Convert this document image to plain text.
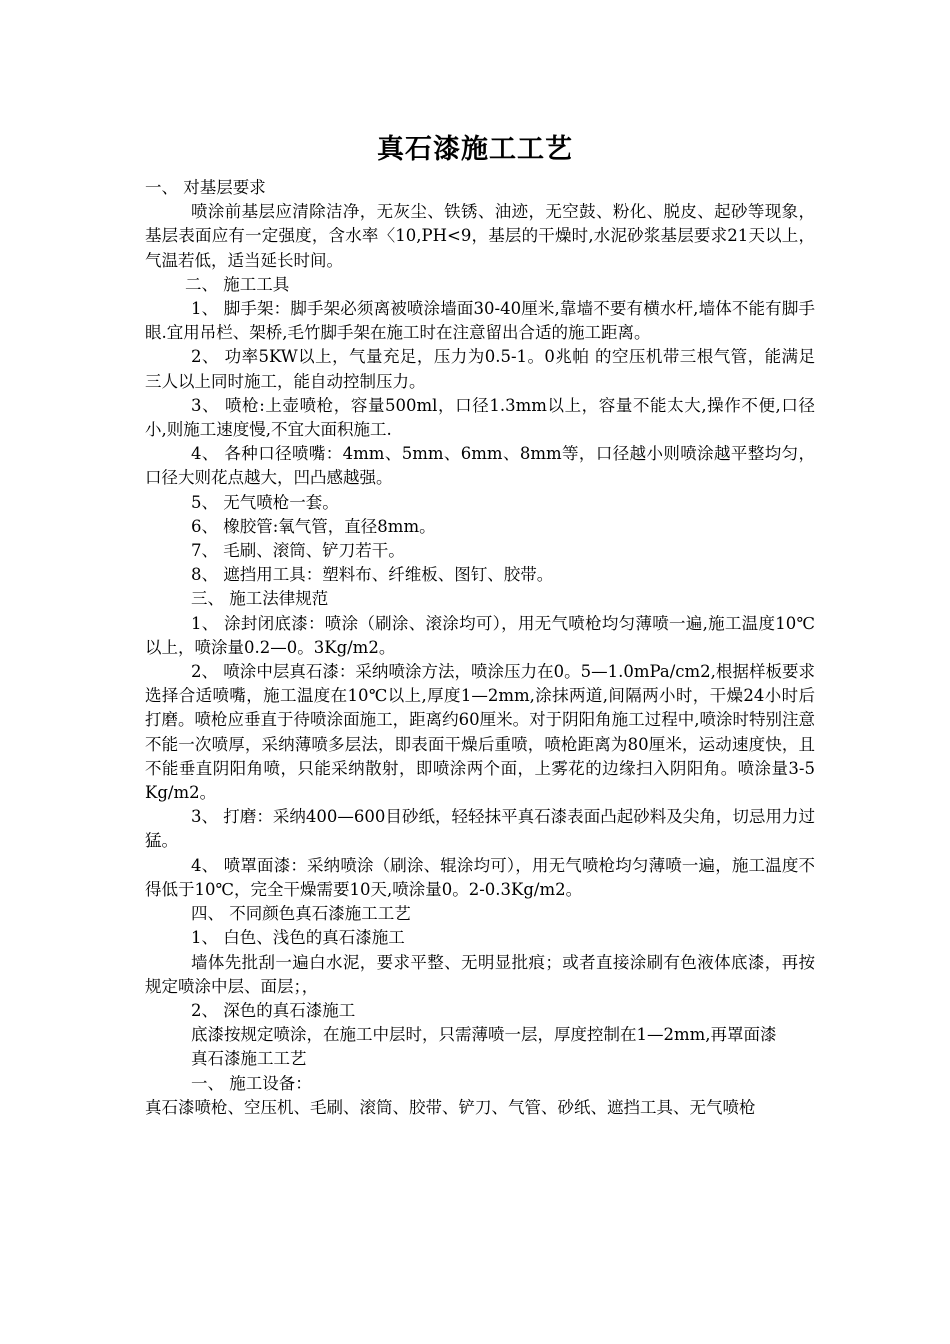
真石漆施工工艺

一、 对基层要求

喷涂前基层应清除洁净，无灰尘、铁锈、油迹，无空鼓、粉化、脱皮、起砂等现象，基层表面应有一定强度，含水率〈10,PH<9，基层的干燥时,水泥砂浆基层要求21天以上，气温若低，适当延长时间。

二、 施工工具

1、 脚手架：脚手架必须离被喷涂墙面30-40厘米,靠墙不要有横水杆,墙体不能有脚手眼.宜用吊栏、架桥,毛竹脚手架在施工时在注意留出合适的施工距离。

2、 功率5KW以上，气量充足，压力为0.5-1。0兆帕 的空压机带三根气管，能满足三人以上同时施工，能自动控制压力。

3、 喷枪:上壶喷枪，容量500ml，口径1.3mm以上，容量不能太大,操作不便,口径小,则施工速度慢,不宜大面积施工.

4、 各种口径喷嘴：4mm、5mm、6mm、8mm等，口径越小则喷涂越平整均匀，口径大则花点越大，凹凸感越强。

5、 无气喷枪一套。

6、 橡胶管:氧气管，直径8mm。

7、 毛刷、滚筒、铲刀若干。

8、 遮挡用工具：塑料布、纤维板、图钉、胶带。

三、 施工法律规范

1、 涂封闭底漆：喷涂（刷涂、滚涂均可），用无气喷枪均匀薄喷一遍,施工温度10℃以上，喷涂量0.2—0。3Kg/m2。

2、 喷涂中层真石漆：采纳喷涂方法，喷涂压力在0。5—1.0mPa/cm2,根据样板要求选择合适喷嘴，施工温度在10℃以上,厚度1—2mm,涂抹两道,间隔两小时，干燥24小时后打磨。喷枪应垂直于待喷涂面施工，距离约60厘米。对于阴阳角施工过程中,喷涂时特别注意不能一次喷厚，采纳薄喷多层法，即表面干燥后重喷，喷枪距离为80厘米，运动速度快，且不能垂直阴阳角喷，只能采纳散射，即喷涂两个面，上雾花的边缘扫入阴阳角。喷涂量3-5 Kg/m2。

3、 打磨：采纳400—600目砂纸，轻轻抹平真石漆表面凸起砂料及尖角，切忌用力过猛。

4、 喷罩面漆：采纳喷涂（刷涂、辊涂均可），用无气喷枪均匀薄喷一遍，施工温度不得低于10℃，完全干燥需要10天,喷涂量0。2-0.3Kg/m2。

四、 不同颜色真石漆施工工艺

1、 白色、浅色的真石漆施工

墙体先批刮一遍白水泥，要求平整、无明显批痕；或者直接涂刷有色液体底漆，再按规定喷涂中层、面层；，

2、 深色的真石漆施工

底漆按规定喷涂，在施工中层时，只需薄喷一层，厚度控制在1—2mm,再罩面漆

真石漆施工工艺

一、 施工设备：

真石漆喷枪、空压机、毛刷、滚筒、胶带、铲刀、气管、砂纸、遮挡工具、无气喷枪
